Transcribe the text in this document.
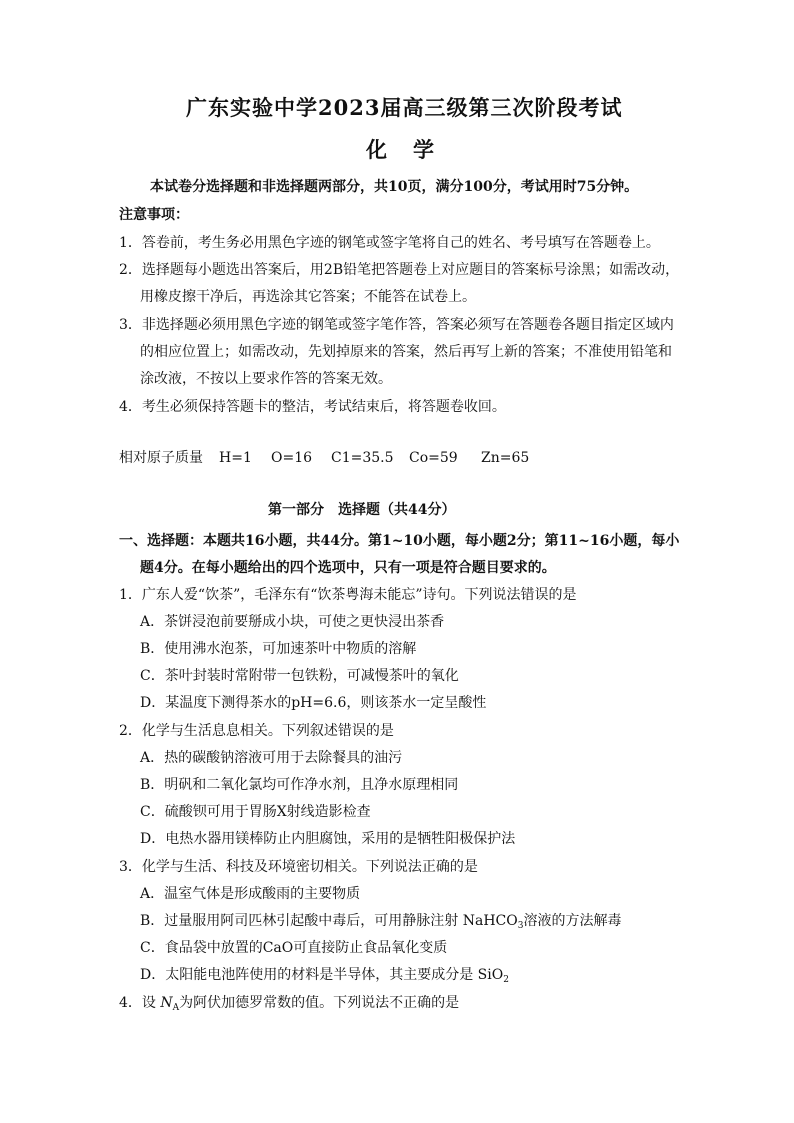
广东实验中学2023届高三级第三次阶段考试
化 学
本试卷分选择题和非选择题两部分，共10页，满分100分，考试用时75分钟。
注意事项：
1．答卷前，考生务必用黑色字迹的钢笔或签字笔将自己的姓名、考号填写在答题卷上。
2．选择题每小题选出答案后，用2B铅笔把答题卷上对应题目的答案标号涂黑；如需改动，
用橡皮擦干净后，再选涂其它答案；不能答在试卷上。
3．非选择题必须用黑色字迹的钢笔或签字笔作答，答案必须写在答题卷各题目指定区域内
的相应位置上；如需改动，先划掉原来的答案，然后再写上新的答案；不准使用铅笔和
涂改液，不按以上要求作答的答案无效。
4．考生必须保持答题卡的整洁，考试结束后，将答题卷收回。
相对原子质量 H=1 O=16 C1=35.5 Co=59 Zn=65
第一部分　选择题（共44分）
一、选择题：本题共16小题，共44分。第1~10小题，每小题2分；第11~16小题，每小
题4分。在每小题给出的四个选项中，只有一项是符合题目要求的。
1．广东人爱“饮茶”，毛泽东有“饮茶粤海未能忘”诗句。下列说法错误的是
A．茶饼浸泡前要掰成小块，可使之更快浸出茶香
B．使用沸水泡茶，可加速茶叶中物质的溶解
C．茶叶封装时常附带一包铁粉，可减慢茶叶的氧化
D．某温度下测得茶水的pH=6.6，则该茶水一定呈酸性
2．化学与生活息息相关。下列叙述错误的是
A．热的碳酸钠溶液可用于去除餐具的油污
B．明矾和二氧化氯均可作净水剂，且净水原理相同
C．硫酸钡可用于胃肠X射线造影检查
D．电热水器用镁棒防止内胆腐蚀，采用的是牺牲阳极保护法
3．化学与生活、科技及环境密切相关。下列说法正确的是
A．温室气体是形成酸雨的主要物质
B．过量服用阿司匹林引起酸中毒后，可用静脉注射 NaHCO$_3$溶液的方法解毒
C．食品袋中放置的CaO可直接防止食品氧化变质
D．太阳能电池阵使用的材料是半导体，其主要成分是 SiO$_2$
4．设 $N_A$为阿伏加德罗常数的值。下列说法不正确的是
